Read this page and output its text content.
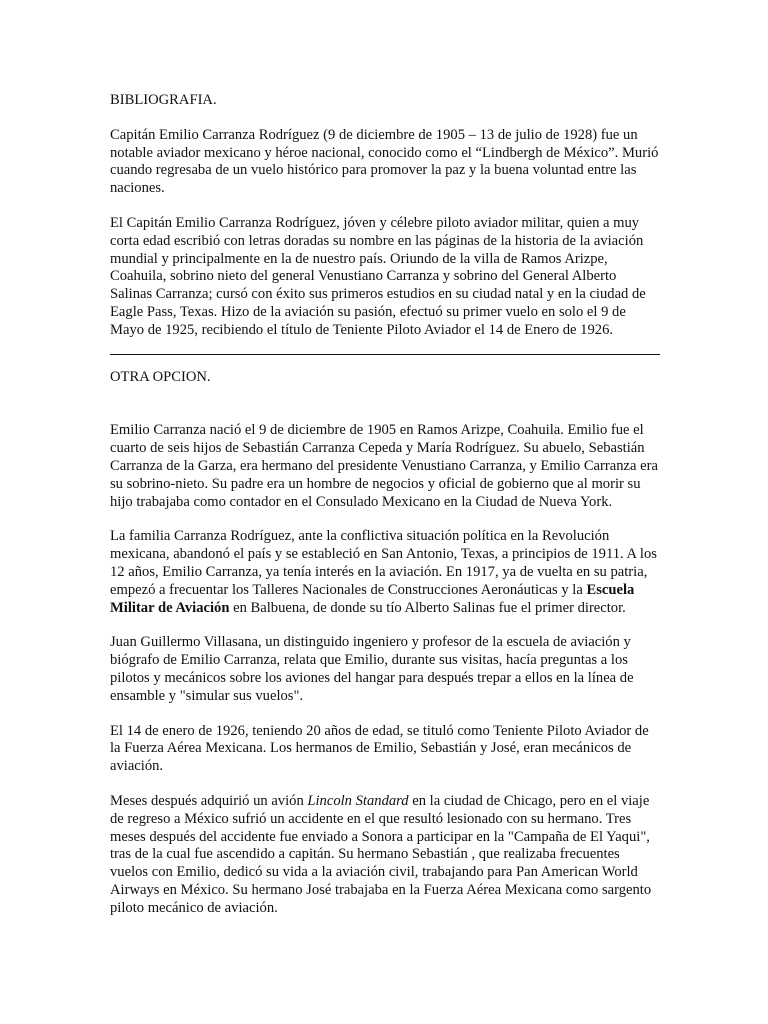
BIBLIOGRAFIA.

Capitán Emilio Carranza Rodríguez (9 de diciembre de 1905 – 13 de julio de 1928) fue un notable aviador mexicano y héroe nacional, conocido como el “Lindbergh de México”. Murió cuando regresaba de un vuelo histórico para promover la paz y la buena voluntad entre las naciones.

El Capitán Emilio Carranza Rodríguez, jóven y célebre piloto aviador militar, quien a muy corta edad escribió con letras doradas su nombre en las páginas de la historia de la aviación mundial y principalmente en la de nuestro país. Oriundo de la villa de Ramos Arizpe, Coahuila, sobrino nieto del general Venustiano Carranza y sobrino del General Alberto Salinas Carranza; cursó con éxito sus primeros estudios en su ciudad natal y en la ciudad de Eagle Pass, Texas. Hizo de la aviación su pasión, efectuó su primer vuelo en solo el 9 de Mayo de 1925, recibiendo el título de Teniente Piloto Aviador el 14 de Enero de 1926.

OTRA OPCION.

Emilio Carranza nació el 9 de diciembre de 1905 en Ramos Arizpe, Coahuila. Emilio fue el cuarto de seis hijos de Sebastián Carranza Cepeda y María Rodríguez. Su abuelo, Sebastián Carranza de la Garza, era hermano del presidente Venustiano Carranza, y Emilio Carranza era su sobrino-nieto. Su padre era un hombre de negocios y oficial de gobierno que al morir su hijo trabajaba como contador en el Consulado Mexicano en la Ciudad de Nueva York.

La familia Carranza Rodríguez, ante la conflictiva situación política en la Revolución mexicana, abandonó el país y se estableció en San Antonio, Texas, a principios de 1911. A los 12 años, Emilio Carranza, ya tenía interés en la aviación. En 1917, ya de vuelta en su patria, empezó a frecuentar los Talleres Nacionales de Construcciones Aeronáuticas y la Escuela Militar de Aviación en Balbuena, de donde su tío Alberto Salinas fue el primer director.

Juan Guillermo Villasana, un distinguido ingeniero y profesor de la escuela de aviación y biógrafo de Emilio Carranza, relata que Emilio, durante sus visitas, hacía preguntas a los pilotos y mecánicos sobre los aviones del hangar para después trepar a ellos en la línea de ensamble y "simular sus vuelos".

El 14 de enero de 1926, teniendo 20 años de edad, se tituló como Teniente Piloto Aviador de la Fuerza Aérea Mexicana. Los hermanos de Emilio, Sebastián y José, eran mecánicos de aviación.

Meses después adquirió un avión Lincoln Standard en la ciudad de Chicago, pero en el viaje de regreso a México sufrió un accidente en el que resultó lesionado con su hermano. Tres meses después del accidente fue enviado a Sonora a participar en la "Campaña de El Yaqui", tras de la cual fue ascendido a capitán. Su hermano Sebastián , que realizaba frecuentes vuelos con Emilio, dedicó su vida a la aviación civil, trabajando para Pan American World Airways en México. Su hermano José trabajaba en la Fuerza Aérea Mexicana como sargento piloto mecánico de aviación.
